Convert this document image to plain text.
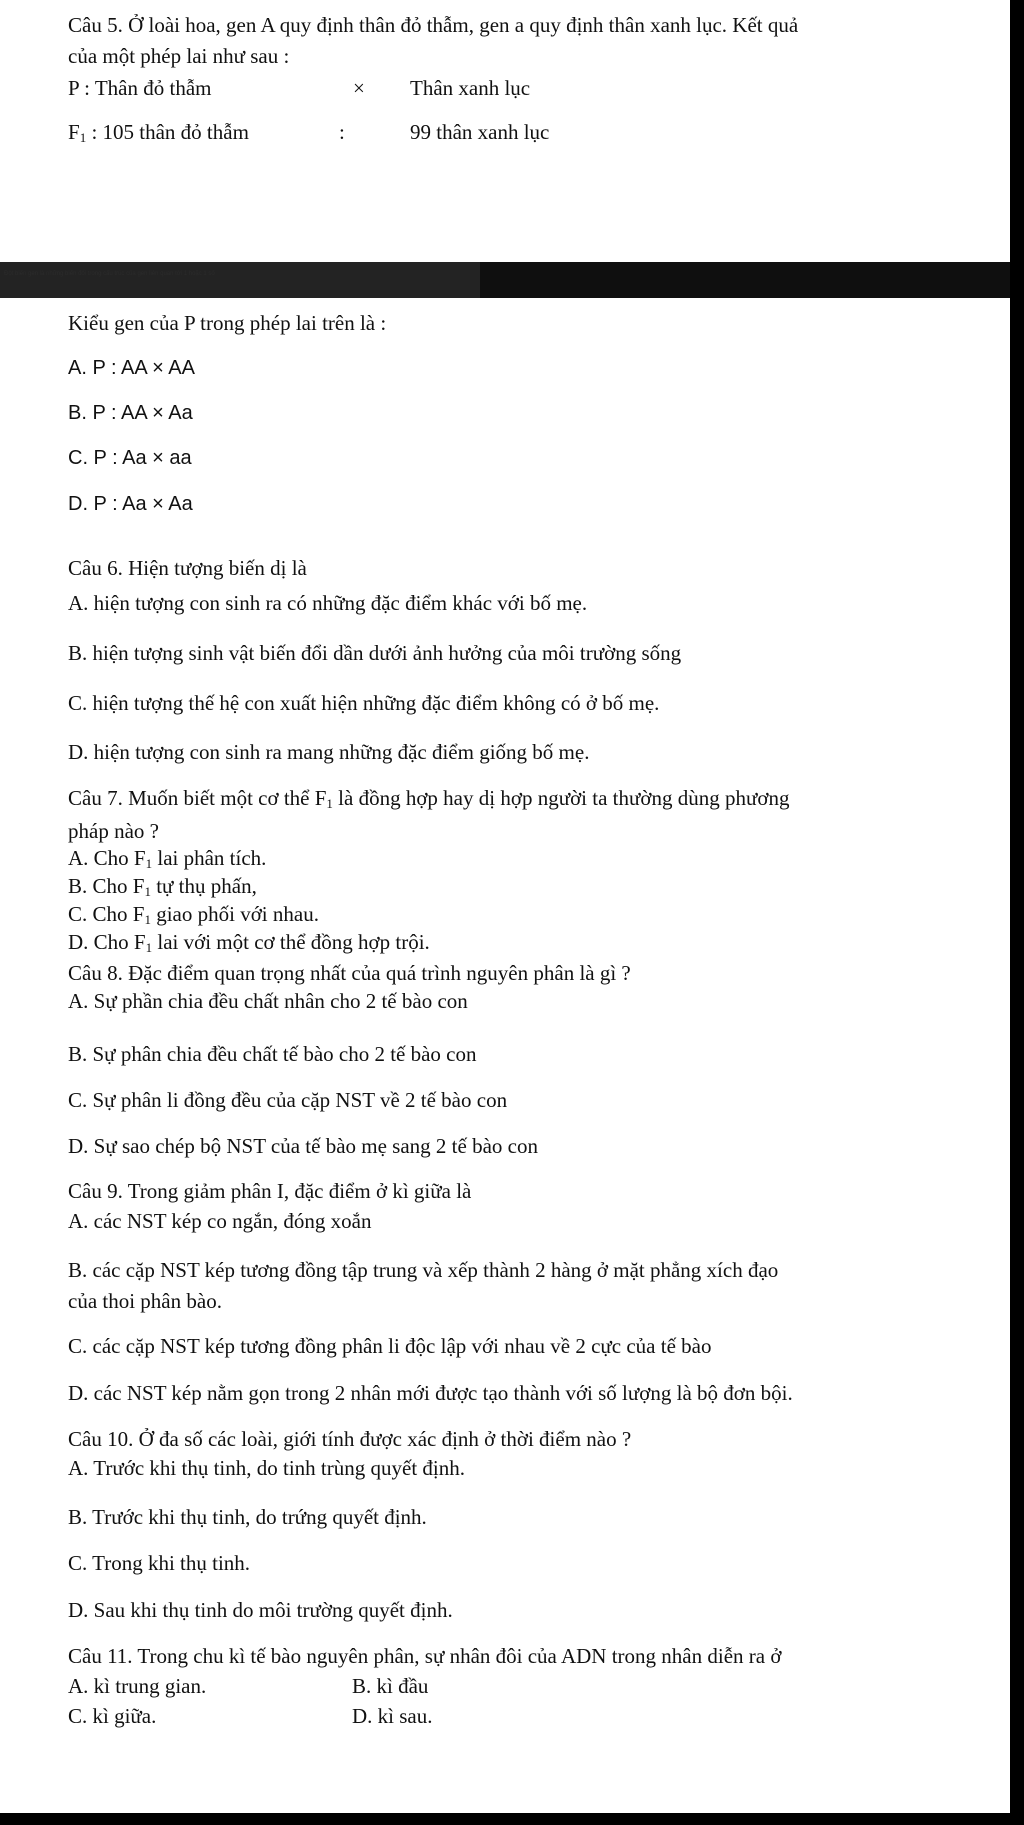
Câu 5. Ở loài hoa, gen A quy định thân đỏ thẫm, gen a quy định thân xanh lục. Kết quả
của một phép lai như sau :
P : Thân đỏ thẫm	× Thân xanh lục
$F_1$ : 105 thân đỏ thẫm	:	99 thân xanh lục
Đột biến gen là những biến đổi trong cấu trúc của gen liên quan tới 1 hoặc 1 số
Kiểu gen của P trong phép lai trên là :
A. P : AA × AA
B. P : AA × Aa
C. P : Aa × aa
D. P : Aa × Aa
Câu 6. Hiện tượng biến dị là
A. hiện tượng con sinh ra có những đặc điểm khác với bố mẹ.
B. hiện tượng sinh vật biến đổi dần dưới ảnh hưởng của môi trường sống
C. hiện tượng thế hệ con xuất hiện những đặc điểm không có ở bố mẹ.
D. hiện tượng con sinh ra mang những đặc điểm giống bố mẹ.
Câu 7. Muốn biết một cơ thể $F_1$ là đồng hợp hay dị hợp người ta thường dùng phương
pháp nào ?
A. Cho $F_1$ lai phân tích.
B. Cho $F_1$ tự thụ phấn,
C. Cho $F_1$ giao phối với nhau.
D. Cho $F_1$ lai với một cơ thể đồng hợp trội.
Câu 8. Đặc điểm quan trọng nhất của quá trình nguyên phân là gì ?
A. Sự phần chia đều chất nhân cho 2 tế bào con
B. Sự phân chia đều chất tế bào cho 2 tế bào con
C. Sự phân li đồng đều của cặp NST về 2 tế bào con
D. Sự sao chép bộ NST của tế bào mẹ sang 2 tế bào con
Câu 9. Trong giảm phân I, đặc điểm ở kì giữa là
A. các NST kép co ngắn, đóng xoắn
B. các cặp NST kép tương đồng tập trung và xếp thành 2 hàng ở mặt phẳng xích đạo
của thoi phân bào.
C. các cặp NST kép tương đồng phân li độc lập với nhau về 2 cực của tế bào
D. các NST kép nằm gọn trong 2 nhân mới được tạo thành với số lượng là bộ đơn bội.
Câu 10. Ở đa số các loài, giới tính được xác định ở thời điểm nào ?
A. Trước khi thụ tinh, do tinh trùng quyết định.
B. Trước khi thụ tinh, do trứng quyết định.
C. Trong khi thụ tinh.
D. Sau khi thụ tinh do môi trường quyết định.
Câu 11. Trong chu kì tế bào nguyên phân, sự nhân đôi của ADN trong nhân diễn ra ở
A. kì trung gian.	B. kì đầu
C. kì giữa.	D. kì sau.
